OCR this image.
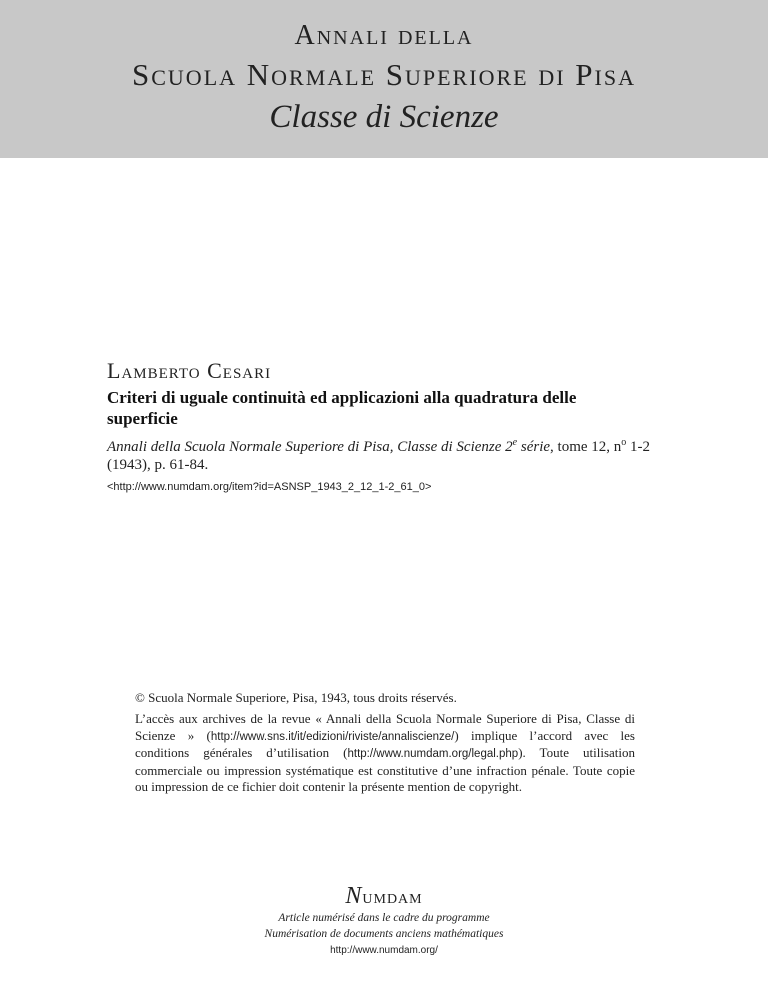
Annali della
Scuola Normale Superiore di Pisa
Classe di Scienze
Lamberto Cesari
Criteri di uguale continuità ed applicazioni alla quadratura delle superficie
Annali della Scuola Normale Superiore di Pisa, Classe di Scienze 2e série, tome 12, $n^o$ 1-2 (1943), p. 61-84.
<http://www.numdam.org/item?id=ASNSP_1943_2_12_1-2_61_0>
© Scuola Normale Superiore, Pisa, 1943, tous droits réservés.
L’accès aux archives de la revue « Annali della Scuola Normale Superiore di Pisa, Classe di Scienze » (http://www.sns.it/it/edizioni/riviste/annaliscienze/) implique l’accord avec les conditions générales d’utilisation (http://www.numdam.org/legal.php). Toute utilisation commerciale ou impression systématique est constitutive d’une infraction pénale. Toute copie ou impression de ce fichier doit contenir la présente mention de copyright.
Numdam
Article numérisé dans le cadre du programme
Numérisation de documents anciens mathématiques
http://www.numdam.org/
